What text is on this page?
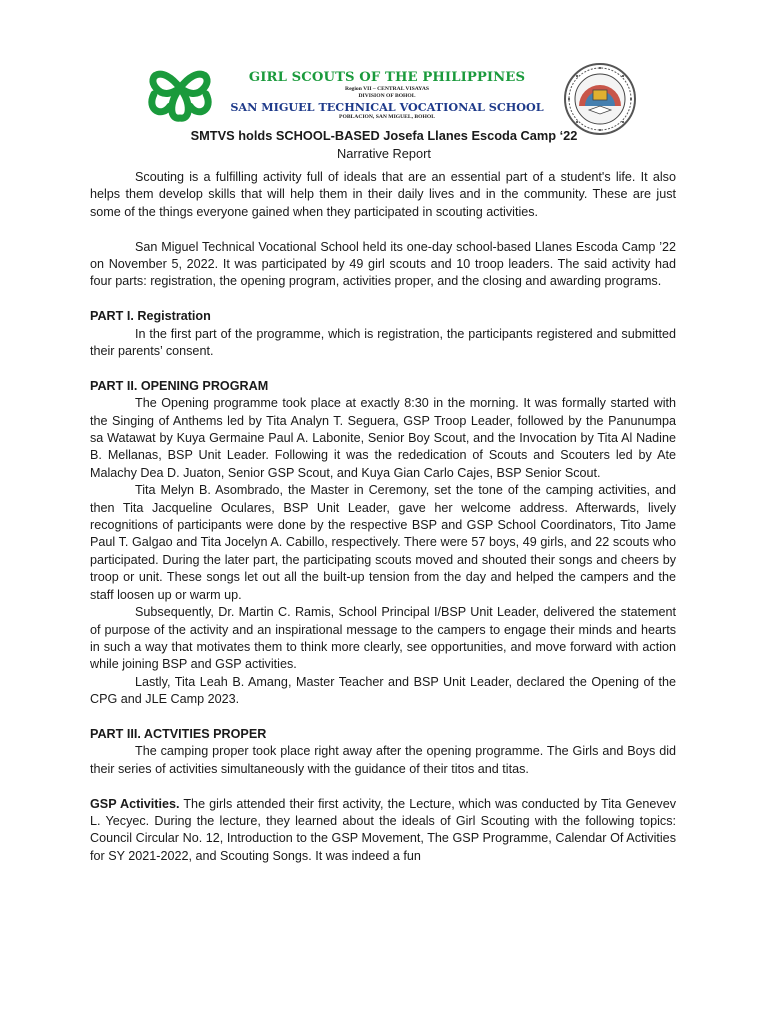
GIRL SCOUTS OF THE PHILIPPINES
Region VII – CENTRAL VISAYAS
DIVISION OF BOHOL
SAN MIGUEL TECHNICAL VOCATIONAL SCHOOL
POBLACION, SAN MIGUEL, BOHOL
SMTVS holds SCHOOL-BASED Josefa Llanes Escoda Camp ‘22
Narrative Report

Scouting is a fulfilling activity full of ideals that are an essential part of a student's life. It also helps them develop skills that will help them in their daily lives and in the community. These are just some of the things everyone gained when they participated in scouting activities.

San Miguel Technical Vocational School held its one-day school-based Llanes Escoda Camp ’22 on November 5, 2022. It was participated by 49 girl scouts and 10 troop leaders. The said activity had four parts: registration, the opening program, activities proper, and the closing and awarding programs.

PART I. Registration

In the first part of the programme, which is registration, the participants registered and submitted their parents’ consent.

PART II. OPENING PROGRAM

The Opening programme took place at exactly 8:30 in the morning. It was formally started with the Singing of Anthems led by Tita Analyn T. Seguera, GSP Troop Leader, followed by the Panunumpa sa Watawat by Kuya Germaine Paul A. Labonite, Senior Boy Scout, and the Invocation by Tita Al Nadine B. Mellanas, BSP Unit Leader. Following it was the rededication of Scouts and Scouters led by Ate Malachy Dea D. Juaton, Senior GSP Scout, and Kuya Gian Carlo Cajes, BSP Senior Scout.

Tita Melyn B. Asombrado, the Master in Ceremony, set the tone of the camping activities, and then Tita Jacqueline Oculares, BSP Unit Leader, gave her welcome address. Afterwards, lively recognitions of participants were done by the respective BSP and GSP School Coordinators, Tito Jame Paul T. Galgao and Tita Jocelyn A. Cabillo, respectively. There were 57 boys, 49 girls, and 22 scouts who participated. During the later part, the participating scouts moved and shouted their songs and cheers by troop or unit. These songs let out all the built-up tension from the day and helped the campers and the staff loosen up or warm up.

Subsequently, Dr. Martin C. Ramis, School Principal I/BSP Unit Leader, delivered the statement of purpose of the activity and an inspirational message to the campers to engage their minds and hearts in such a way that motivates them to think more clearly, see opportunities, and move forward with action while joining BSP and GSP activities.

Lastly, Tita Leah B. Amang, Master Teacher and BSP Unit Leader, declared the Opening of the CPG and JLE Camp 2023.

PART III. ACTVITIES PROPER

The camping proper took place right away after the opening programme. The Girls and Boys did their series of activities simultaneously with the guidance of their titos and titas.

GSP Activities. The girls attended their first activity, the Lecture, which was conducted by Tita Genevev L. Yecyec. During the lecture, they learned about the ideals of Girl Scouting with the following topics: Council Circular No. 12, Introduction to the GSP Movement, The GSP Programme, Calendar Of Activities for SY 2021-2022, and Scouting Songs. It was indeed a fun
